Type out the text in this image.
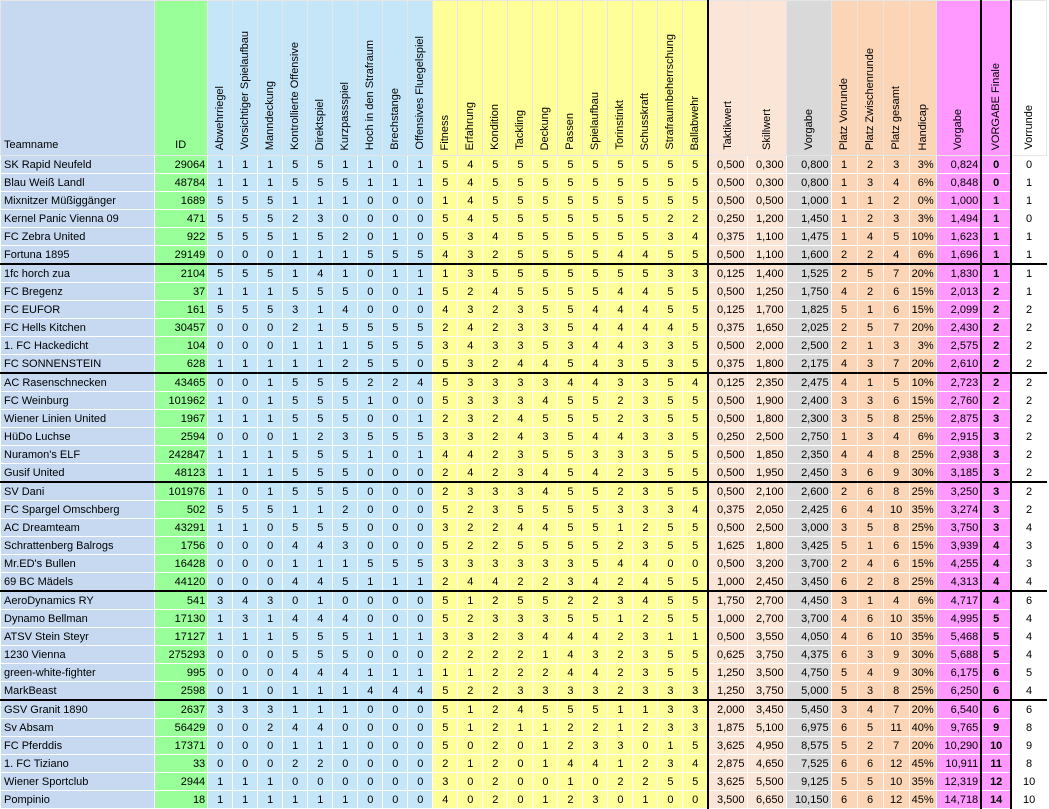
Teamname	ID	Abwehrriegel	Vorsichtiger Spielaufbau	Manndeckung	Kontrollierte Offensive	Direktspiel	Kurzpassspiel	Hoch in den Strafraum	Brechstange	Offensives Fluegelspiel	Fitness	Erfahrung	Kondition	Tackling	Deckung	Passen	Spielaufbau	Torinstinkt	Schusskraft	Strafraumbeherrschung	Ballabwehr	Taktikwert	Skillwert	Vorgabe	Platz Vorrunde	Platz Zwischenrunde	Platz gesamt	Handicap	Vorgabe	VORGABE Finale	Vorrunde
SK Rapid Neufeld	29064	1	1	1	5	5	1	1	0	1	5	4	5	5	5	5	5	5	5	5	5	0,500	0,300	0,800	1	2	3	3%	0,824	0	0
Blau Weiß Landl	48784	1	1	1	5	5	5	1	1	1	5	4	5	5	5	5	5	5	5	5	5	0,500	0,300	0,800	1	3	4	6%	0,848	0	1
Mixnitzer Müßiggänger	1689	5	5	5	1	1	1	0	0	0	1	4	5	5	5	5	5	5	5	5	5	0,500	0,500	1,000	1	1	2	0%	1,000	1	1
Kernel Panic Vienna 09	471	5	5	5	2	3	0	0	0	0	5	4	5	5	5	5	5	5	5	2	2	0,250	1,200	1,450	1	2	3	3%	1,494	1	0
FC Zebra United	922	5	5	5	1	5	2	0	1	0	5	3	4	5	5	5	5	5	5	3	4	0,375	1,100	1,475	1	4	5	10%	1,623	1	1
Fortuna 1895	29149	0	0	0	1	1	1	5	5	5	4	3	2	5	5	5	5	4	4	5	5	0,500	1,100	1,600	2	2	4	6%	1,696	1	1
1fc horch zua	2104	5	5	5	1	4	1	0	1	1	1	3	5	5	5	5	5	5	5	3	3	0,125	1,400	1,525	2	5	7	20%	1,830	1	1
FC Bregenz	37	1	1	1	5	5	5	0	0	1	5	2	4	5	5	5	5	4	4	5	5	0,500	1,250	1,750	4	2	6	15%	2,013	2	1
FC EUFOR	161	5	5	5	3	1	4	0	0	0	4	3	2	3	5	5	4	4	4	5	5	0,125	1,700	1,825	5	1	6	15%	2,099	2	2
FC Hells Kitchen	30457	0	0	0	2	1	5	5	5	5	2	4	2	3	3	5	4	4	4	4	5	0,375	1,650	2,025	2	5	7	20%	2,430	2	2
1. FC Hackedicht	104	0	0	0	1	1	1	5	5	5	3	4	3	3	5	3	4	4	3	3	5	0,500	2,000	2,500	2	1	3	3%	2,575	2	2
FC SONNENSTEIN	628	1	1	1	1	1	2	5	5	0	5	3	2	4	4	5	4	3	5	3	5	0,375	1,800	2,175	4	3	7	20%	2,610	2	2
AC Rasenschnecken	43465	0	0	1	5	5	5	2	2	4	5	3	3	3	3	4	4	3	3	5	4	0,125	2,350	2,475	4	1	5	10%	2,723	2	2
FC Weinburg	101962	1	0	1	5	5	5	1	0	0	5	3	3	3	4	5	5	2	3	5	5	0,500	1,900	2,400	3	3	6	15%	2,760	2	2
Wiener Linien United	1967	1	1	1	5	5	5	0	0	1	2	3	2	4	5	5	5	2	3	5	5	0,500	1,800	2,300	3	5	8	25%	2,875	3	2
HüDo Luchse	2594	0	0	0	1	2	3	5	5	5	3	3	2	4	3	5	4	4	3	3	5	0,250	2,500	2,750	1	3	4	6%	2,915	3	2
Nuramon's ELF	242847	1	1	1	5	5	5	1	0	1	4	4	2	3	5	5	3	3	3	5	5	0,500	1,850	2,350	4	4	8	25%	2,938	3	2
Gusif United	48123	1	1	1	5	5	5	0	0	0	2	4	2	3	4	5	4	2	3	5	5	0,500	1,950	2,450	3	6	9	30%	3,185	3	2
SV Dani	101976	1	0	1	5	5	5	0	0	0	2	3	3	3	4	5	5	2	3	5	5	0,500	2,100	2,600	2	6	8	25%	3,250	3	2
FC Spargel Omschberg	502	5	5	5	1	1	2	0	0	0	5	2	3	5	5	5	5	3	3	3	4	0,375	2,050	2,425	6	4	10	35%	3,274	3	2
AC Dreamteam	43291	1	1	0	5	5	5	0	0	0	3	2	2	4	4	5	5	1	2	5	5	0,500	2,500	3,000	3	5	8	25%	3,750	3	4
Schrattenberg Balrogs	1756	0	0	0	4	4	3	0	0	0	5	2	2	5	5	5	5	2	3	5	5	1,625	1,800	3,425	5	1	6	15%	3,939	4	3
Mr.ED's Bullen	16428	0	0	0	1	1	1	5	5	5	3	3	3	3	3	3	5	4	4	0	0	0,500	3,200	3,700	2	4	6	15%	4,255	4	3
69 BC Mädels	44120	0	0	0	4	4	5	1	1	1	2	4	4	2	2	3	4	2	4	5	5	1,000	2,450	3,450	6	2	8	25%	4,313	4	4
AeroDynamics RY	541	3	4	3	0	1	0	0	0	0	5	1	2	5	5	2	2	3	4	5	5	1,750	2,700	4,450	3	1	4	6%	4,717	4	6
Dynamo Bellman	17130	1	3	1	4	4	4	0	0	0	5	2	3	3	3	5	5	1	2	5	5	1,000	2,700	3,700	4	6	10	35%	4,995	5	4
ATSV Stein Steyr	17127	1	1	1	5	5	5	1	1	1	3	3	2	3	4	4	4	2	3	1	1	0,500	3,550	4,050	4	6	10	35%	5,468	5	4
1230 Vienna	275293	0	0	0	5	5	5	0	0	0	2	2	2	2	1	4	3	2	3	5	5	0,625	3,750	4,375	6	3	9	30%	5,688	5	4
green-white-fighter	995	0	0	0	4	4	4	1	1	1	1	1	2	2	2	4	4	2	3	5	5	1,250	3,500	4,750	5	4	9	30%	6,175	6	5
MarkBeast	2598	0	1	0	1	1	1	4	4	4	5	2	2	3	3	3	3	2	3	3	3	1,250	3,750	5,000	5	3	8	25%	6,250	6	4
GSV Granit 1890	2637	3	3	3	1	1	1	0	0	0	5	1	2	4	5	5	5	1	1	3	3	2,000	3,450	5,450	3	4	7	20%	6,540	6	6
Sv Absam	56429	0	0	2	4	4	0	0	0	0	5	1	2	1	1	2	2	1	2	3	3	1,875	5,100	6,975	6	5	11	40%	9,765	9	8
FC Pferddis	17371	0	0	0	1	1	1	0	0	0	5	0	2	0	1	2	3	3	0	1	5	3,625	4,950	8,575	5	2	7	20%	10,290	10	9
1. FC Tiziano	33	0	0	0	2	2	0	0	0	0	2	1	2	0	1	4	4	1	2	3	4	2,875	4,650	7,525	6	6	12	45%	10,911	11	8
Wiener Sportclub	2944	1	1	1	0	0	0	0	0	0	3	0	2	0	0	1	0	2	2	5	5	3,625	5,500	9,125	5	5	10	35%	12,319	12	10
Pompinio	18	1	1	1	1	1	1	0	0	0	4	0	2	0	1	2	3	0	1	0	0	3,500	6,650	10,150	6	6	12	45%	14,718	14	10
